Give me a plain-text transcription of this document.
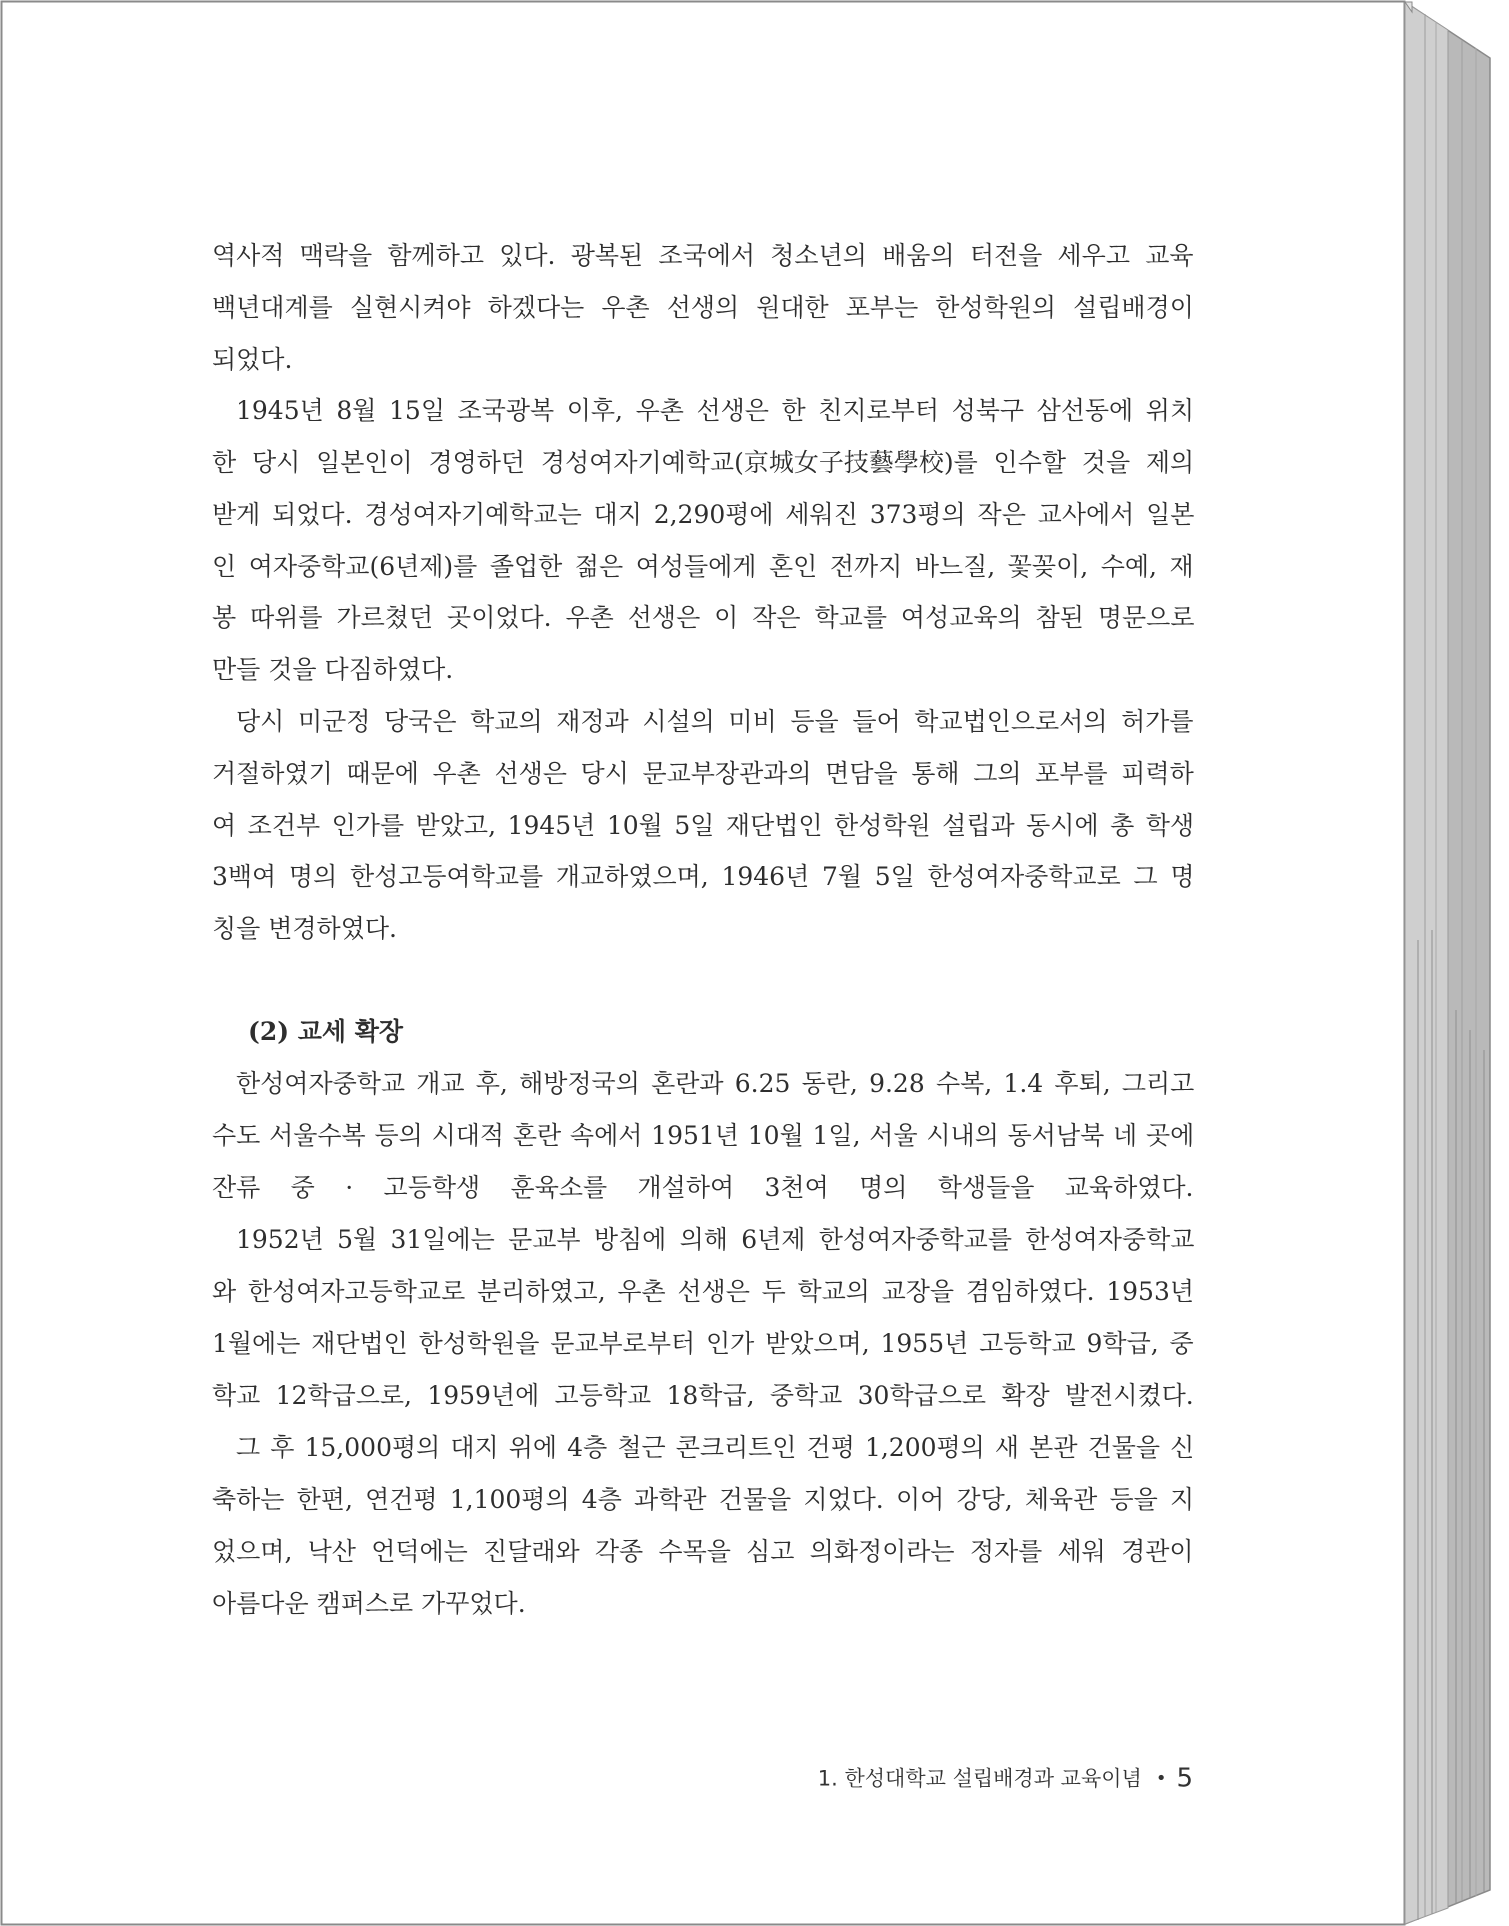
역사적 맥락을 함께하고 있다. 광복된 조국에서 청소년의 배움의 터전을 세우고 교육
백년대계를 실현시켜야 하겠다는 우촌 선생의 원대한 포부는 한성학원의 설립배경이
되었다.
1945년 8월 15일 조국광복 이후, 우촌 선생은 한 친지로부터 성북구 삼선동에 위치
한 당시 일본인이 경영하던 경성여자기예학교(京城女子技藝學校)를 인수할 것을 제의
받게 되었다. 경성여자기예학교는 대지 2,290평에 세워진 373평의 작은 교사에서 일본
인 여자중학교(6년제)를 졸업한 젊은 여성들에게 혼인 전까지 바느질, 꽃꽂이, 수예, 재
봉 따위를 가르쳤던 곳이었다. 우촌 선생은 이 작은 학교를 여성교육의 참된 명문으로
만들 것을 다짐하였다.
당시 미군정 당국은 학교의 재정과 시설의 미비 등을 들어 학교법인으로서의 허가를
거절하였기 때문에 우촌 선생은 당시 문교부장관과의 면담을 통해 그의 포부를 피력하
여 조건부 인가를 받았고, 1945년 10월 5일 재단법인 한성학원 설립과 동시에 총 학생
3백여 명의 한성고등여학교를 개교하였으며, 1946년 7월 5일 한성여자중학교로 그 명
칭을 변경하였다.
(2) 교세 확장
한성여자중학교 개교 후, 해방정국의 혼란과 6.25 동란, 9.28 수복, 1.4 후퇴, 그리고
수도 서울수복 등의 시대적 혼란 속에서 1951년 10월 1일, 서울 시내의 동서남북 네 곳에
잔류 중 · 고등학생 훈육소를 개설하여 3천여 명의 학생들을 교육하였다.
1952년 5월 31일에는 문교부 방침에 의해 6년제 한성여자중학교를 한성여자중학교
와 한성여자고등학교로 분리하였고, 우촌 선생은 두 학교의 교장을 겸임하였다. 1953년
1월에는 재단법인 한성학원을 문교부로부터 인가 받았으며, 1955년 고등학교 9학급, 중
학교 12학급으로, 1959년에 고등학교 18학급, 중학교 30학급으로 확장 발전시켰다.
그 후 15,000평의 대지 위에 4층 철근 콘크리트인 건평 1,200평의 새 본관 건물을 신
축하는 한편, 연건평 1,100평의 4층 과학관 건물을 지었다. 이어 강당, 체육관 등을 지
었으며, 낙산 언덕에는 진달래와 각종 수목을 심고 의화정이라는 정자를 세워 경관이
아름다운 캠퍼스로 가꾸었다.
1. 한성대학교 설립배경과 교육이념 • 5
